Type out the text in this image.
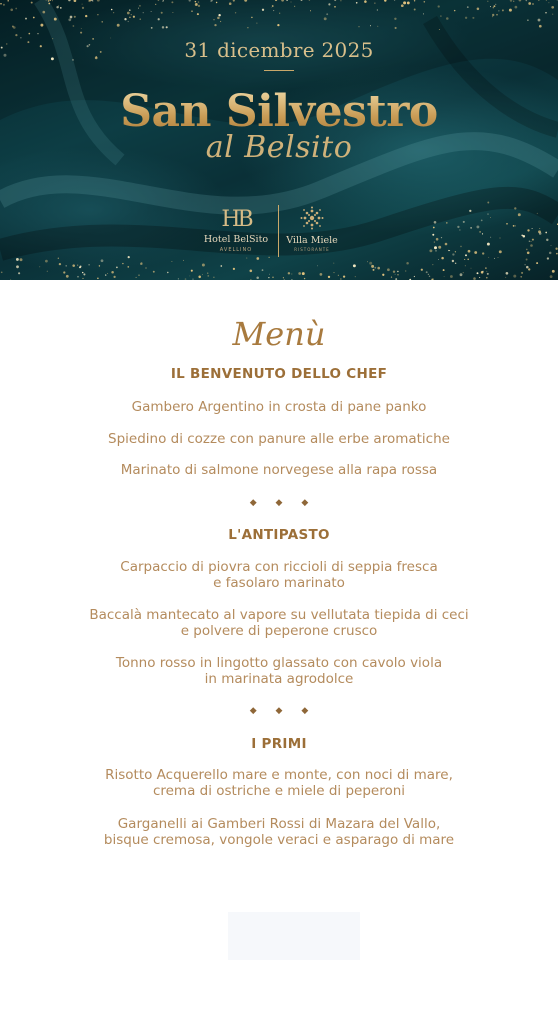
31 dicembre 2025
San Silvestro
al Belsito
HB
Hotel BelSito
AVELLINO
Villa Miele
RISTORANTE
Menù
IL BENVENUTO DELLO CHEF
Gambero Argentino in crosta di pane panko
Spiedino di cozze con panure alle erbe aromatiche
Marinato di salmone norvegese alla rapa rossa
◆ ◆ ◆
L'ANTIPASTO
Carpaccio di piovra con riccioli di seppia fresca
e fasolaro marinato
Baccalà mantecato al vapore su vellutata tiepida di ceci
e polvere di peperone crusco
Tonno rosso in lingotto glassato con cavolo viola
in marinata agrodolce
◆ ◆ ◆
I PRIMI
Risotto Acquerello mare e monte, con noci di mare,
crema di ostriche e miele di peperoni
Garganelli ai Gamberi Rossi di Mazara del Vallo,
bisque cremosa, vongole veraci e asparago di mare
